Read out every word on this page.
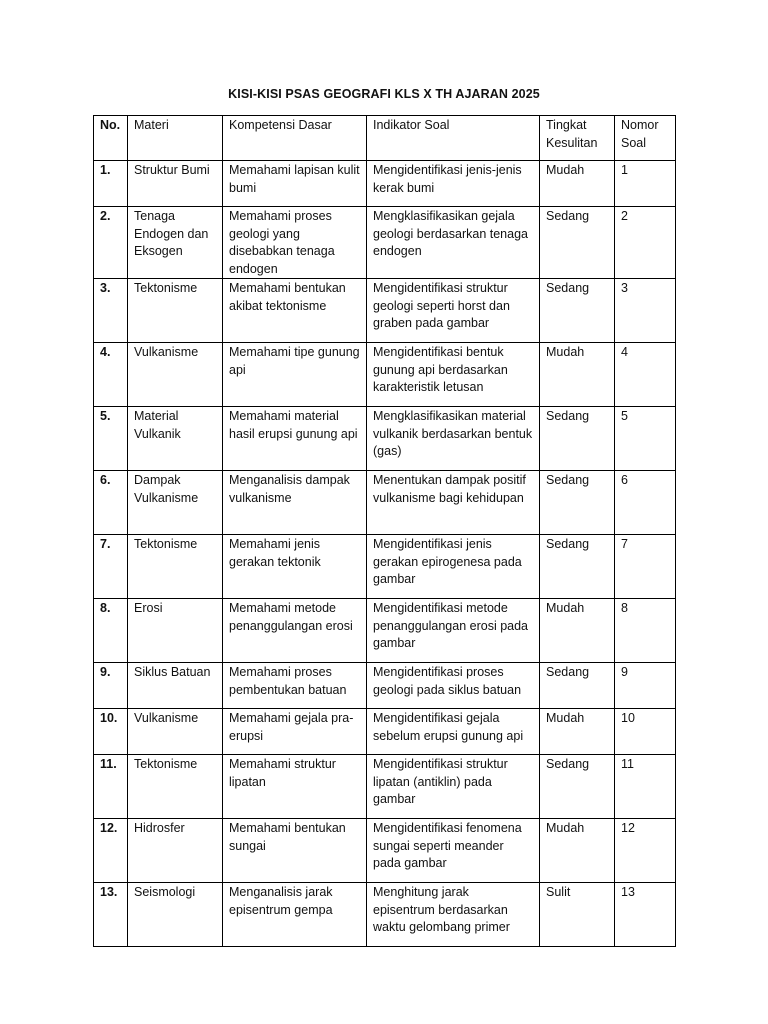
KISI-KISI PSAS GEOGRAFI KLS X TH AJARAN 2025
No.	Materi	Kompetensi Dasar	Indikator Soal	Tingkat Kesulitan	Nomor Soal
1.	Struktur Bumi	Memahami lapisan kulit bumi	Mengidentifikasi jenis-jenis kerak bumi	Mudah	1
2.	Tenaga Endogen dan Eksogen	Memahami proses geologi yang disebabkan tenaga endogen	Mengklasifikasikan gejala geologi berdasarkan tenaga endogen	Sedang	2
3.	Tektonisme	Memahami bentukan akibat tektonisme	Mengidentifikasi struktur geologi seperti horst dan graben pada gambar	Sedang	3
4.	Vulkanisme	Memahami tipe gunung api	Mengidentifikasi bentuk gunung api berdasarkan karakteristik letusan	Mudah	4
5.	Material Vulkanik	Memahami material hasil erupsi gunung api	Mengklasifikasikan material vulkanik berdasarkan bentuk (gas)	Sedang	5
6.	Dampak Vulkanisme	Menganalisis dampak vulkanisme	Menentukan dampak positif vulkanisme bagi kehidupan	Sedang	6
7.	Tektonisme	Memahami jenis gerakan tektonik	Mengidentifikasi jenis gerakan epirogenesa pada gambar	Sedang	7
8.	Erosi	Memahami metode penanggulangan erosi	Mengidentifikasi metode penanggulangan erosi pada gambar	Mudah	8
9.	Siklus Batuan	Memahami proses pembentukan batuan	Mengidentifikasi proses geologi pada siklus batuan	Sedang	9
10.	Vulkanisme	Memahami gejala pra-erupsi	Mengidentifikasi gejala sebelum erupsi gunung api	Mudah	10
11.	Tektonisme	Memahami struktur lipatan	Mengidentifikasi struktur lipatan (antiklin) pada gambar	Sedang	11
12.	Hidrosfer	Memahami bentukan sungai	Mengidentifikasi fenomena sungai seperti meander pada gambar	Mudah	12
13.	Seismologi	Menganalisis jarak episentrum gempa	Menghitung jarak episentrum berdasarkan waktu gelombang primer	Sulit	13
